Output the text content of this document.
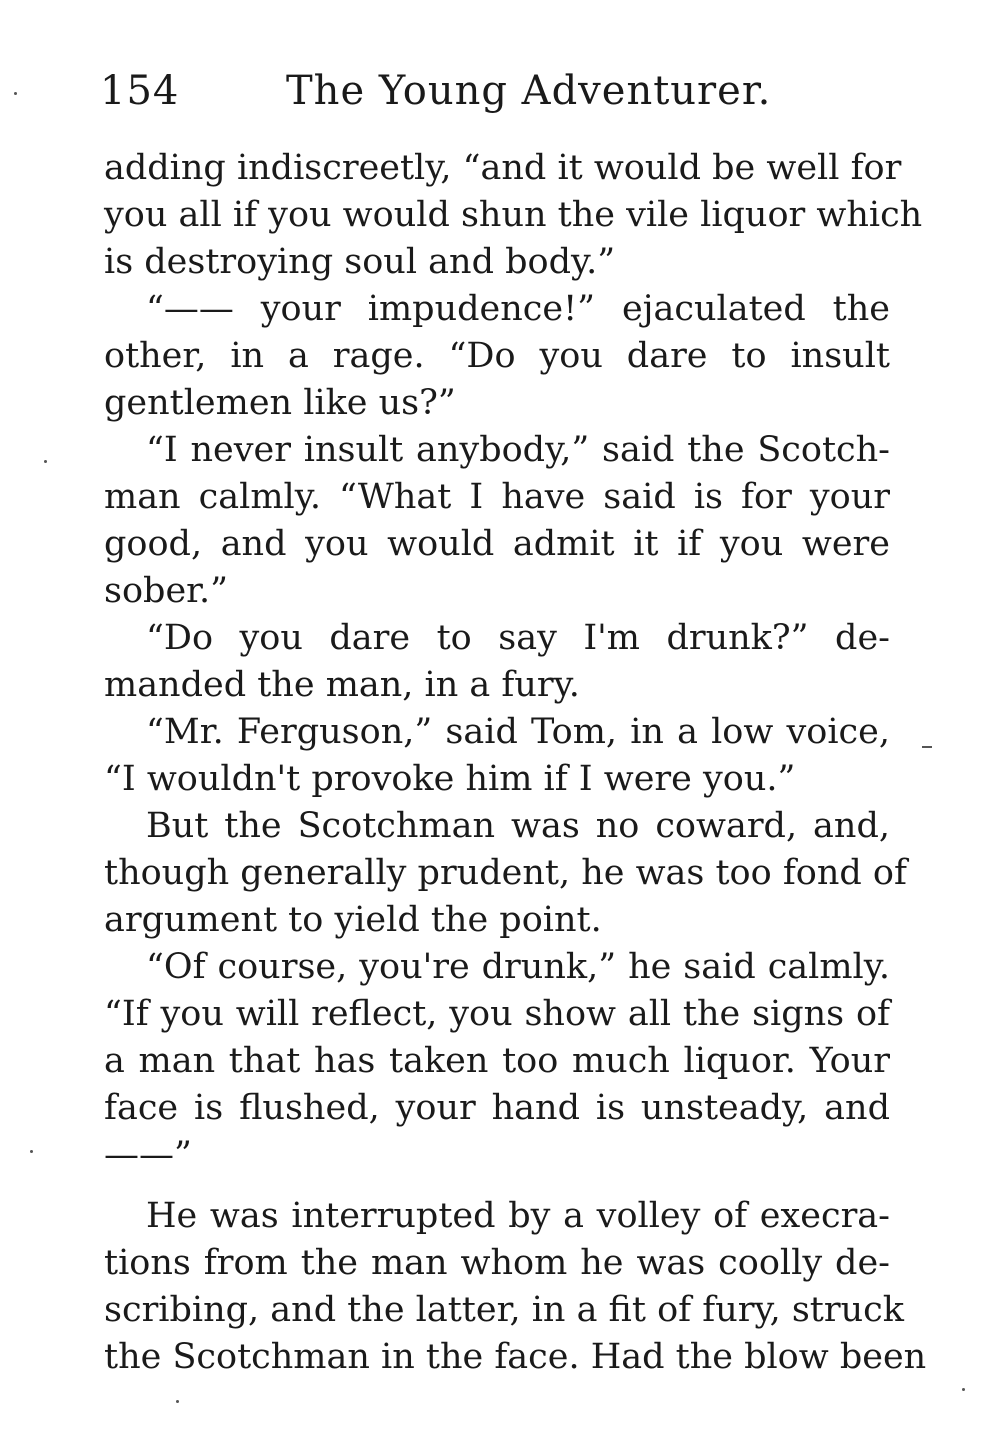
154	The Young Adventurer.
adding indiscreetly, “and it would be well for
you all if you would shun the vile liquor which
is destroying soul and body.”
“—— your impudence!” ejaculated the
other, in a rage. “Do you dare to insult
gentlemen like us?”
“I never insult anybody,” said the Scotch-
man calmly. “What I have said is for your
good, and you would admit it if you were
sober.”
“Do you dare to say I'm drunk?” de-
manded the man, in a fury.
“Mr. Ferguson,” said Tom, in a low voice,
“I wouldn't provoke him if I were you.”
But the Scotchman was no coward, and,
though generally prudent, he was too fond of
argument to yield the point.
“Of course, you're drunk,” he said calmly.
“If you will reflect, you show all the signs of
a man that has taken too much liquor. Your
face is flushed, your hand is unsteady, and
——”
He was interrupted by a volley of execra-
tions from the man whom he was coolly de-
scribing, and the latter, in a fit of fury, struck
the Scotchman in the face. Had the blow been
